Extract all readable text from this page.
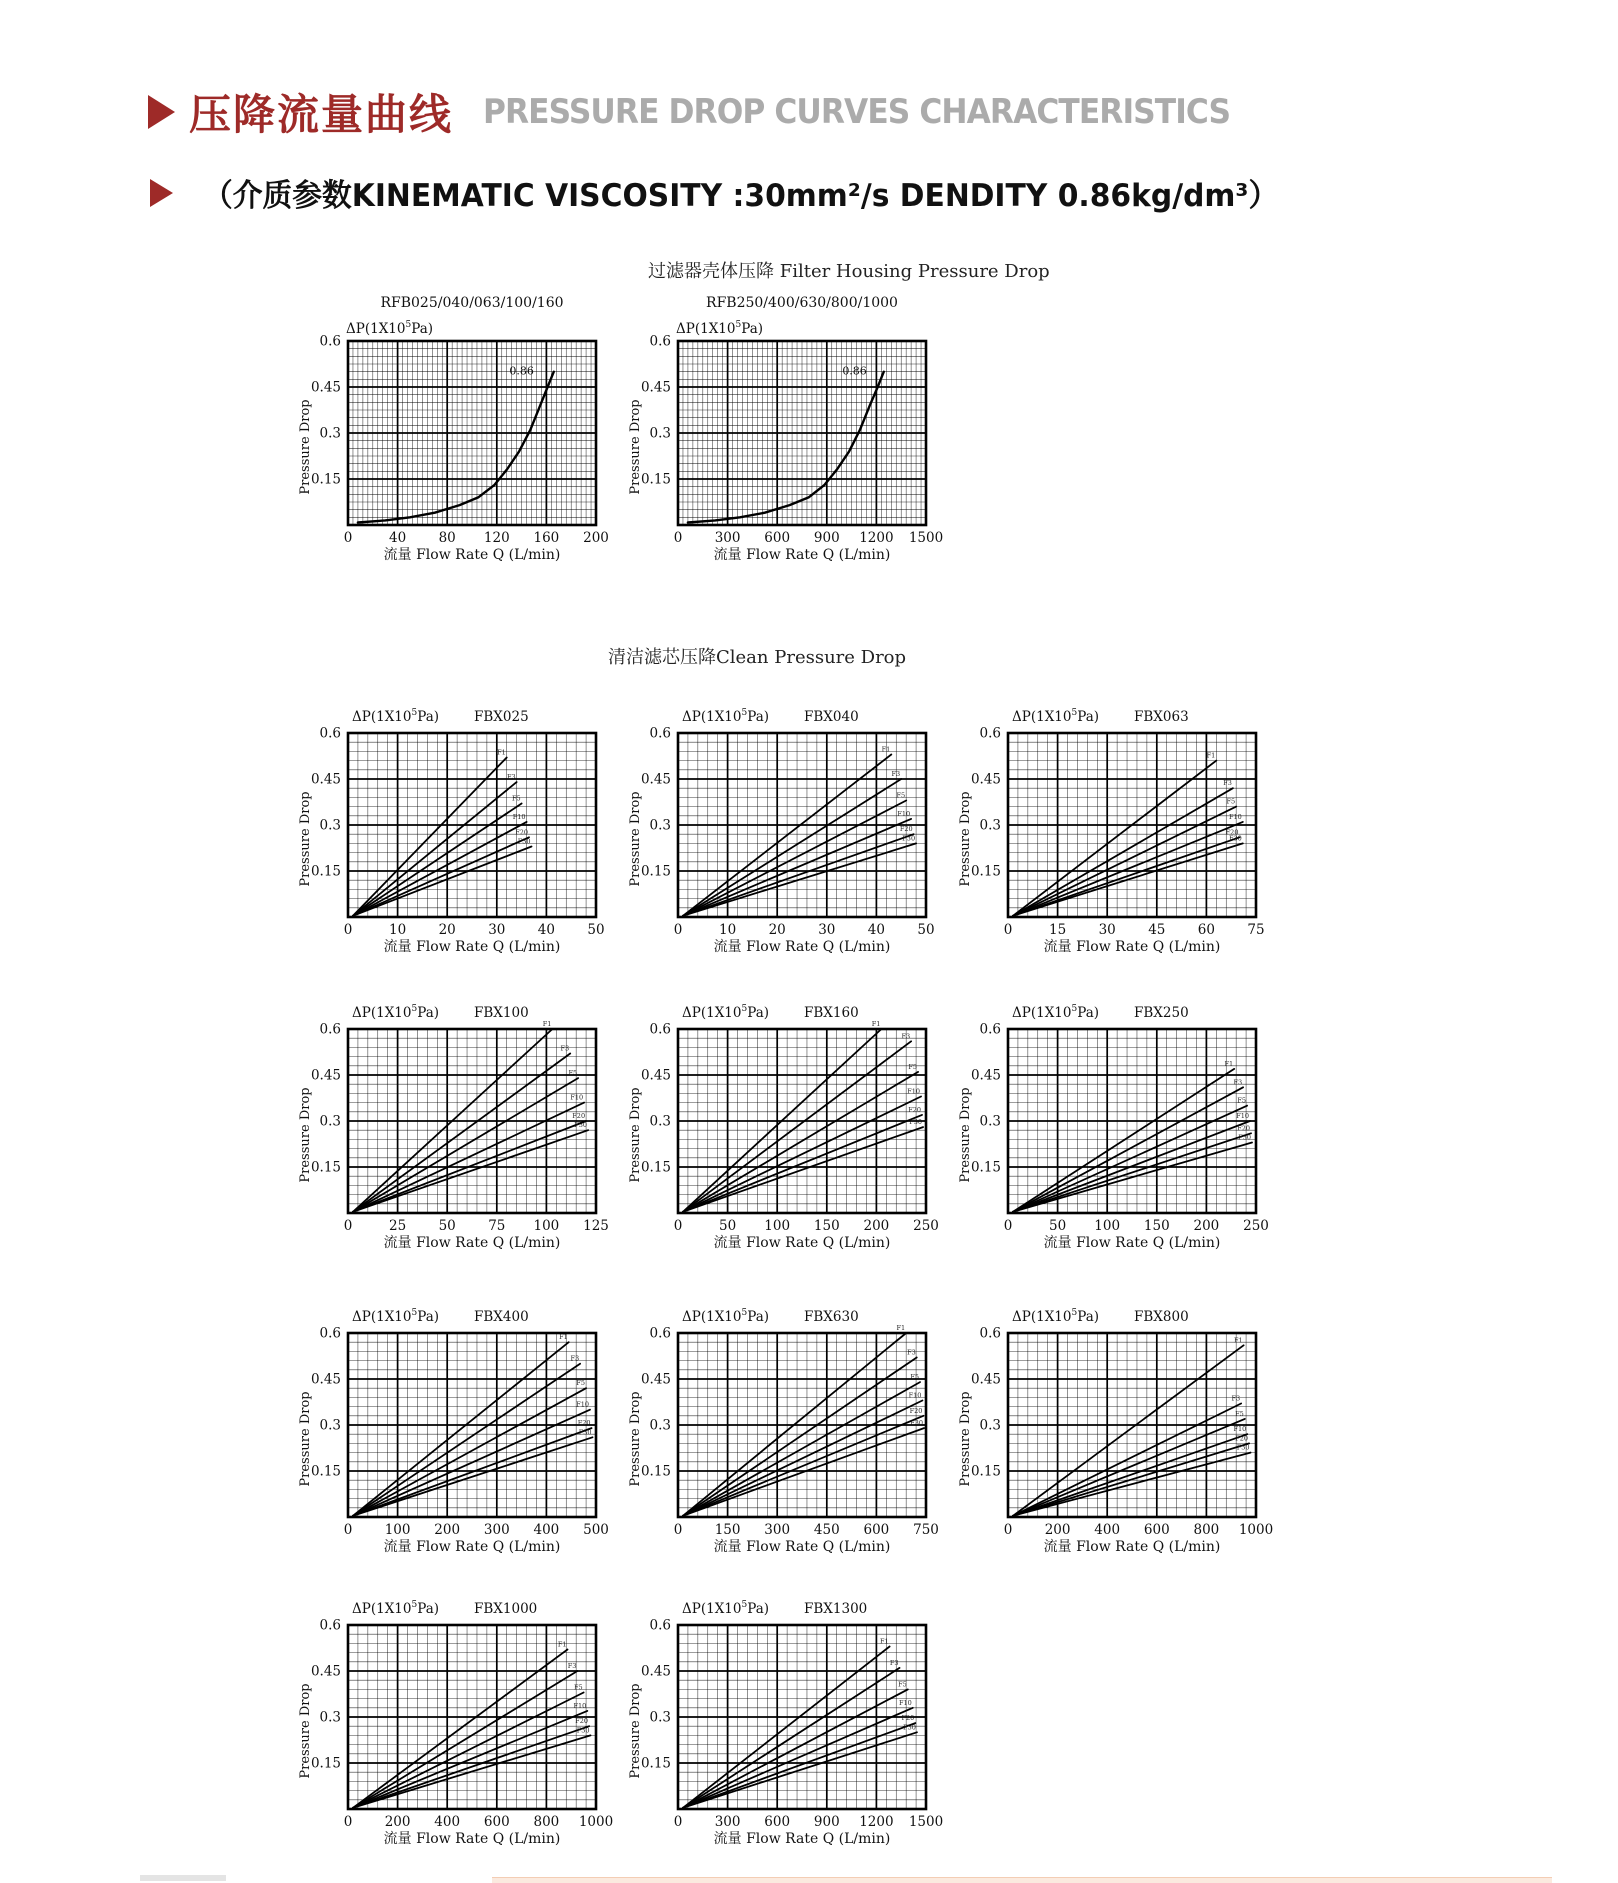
压降流量曲线 PRESSURE DROP CURVES CHARACTERISTICS
（介质参数KINEMATIC VISCOSITY :30mm²/s DENDITY 0.86kg/dm³）
过滤器壳体压降 Filter Housing Pressure Drop
0.86
RFB025/040/063/100/160
$\Delta P(1X10^5Pa)$
0.15
0.3
0.45
0.6
0	40 80 120 160 200
流量 Flow Rate Q (L/min)
Pressure Drop
0.86
RFB250/400/630/800/1000
$\Delta P(1X10^5Pa)$
0.15
0.3
0.45
0.6
0 300 600 900 1200 1500
流量 Flow Rate Q (L/min)
Pressure Drop
清洁滤芯压降Clean Pressure Drop
F1
F3
F5
F10
F20
F30
$\Delta P(1X10^5Pa)$	FBX025
0.15
0.3
0.45
0.6
0	10 20 30 40 50
流量 Flow Rate Q (L/min)
Pressure Drop
F1
F3
F5
F10
F20
F30
$\Delta P(1X10^5Pa)$	FBX040
0.15
0.3
0.45
0.6
0	10 20 30 40 50
流量 Flow Rate Q (L/min)
Pressure Drop
F1
F3
F5
F10
F20
F30
$\Delta P(1X10^5Pa)$	FBX063
0.15
0.3
0.45
0.6
0	15 30 45 60 75
流量 Flow Rate Q (L/min)
Pressure Drop
F1
F3
F5
F10
F20
F30
$\Delta P(1X10^5Pa)$	FBX100
0.15
0.3
0.45
0.6
0	25 50 75 100 125
流量 Flow Rate Q (L/min)
Pressure Drop
F1
F3
F5
F10
F20
F30
$\Delta P(1X10^5Pa)$	FBX160
0.15
0.3
0.45
0.6
0	50 100 150 200 250
流量 Flow Rate Q (L/min)
Pressure Drop
F1
F3
F5
F10
F20
F30
$\Delta P(1X10^5Pa)$	FBX250
0.15
0.3
0.45
0.6
0	50 100 150 200 250
流量 Flow Rate Q (L/min)
Pressure Drop
F1
F3
F5
F10
F20
F30
$\Delta P(1X10^5Pa)$	FBX400
0.15
0.3
0.45
0.6
0 100 200 300 400 500
流量 Flow Rate Q (L/min)
Pressure Drop
F1
F3
F5
F10
F20
F30
$\Delta P(1X10^5Pa)$	FBX630
0.15
0.3
0.45
0.6
0 150 300 450 600 750
流量 Flow Rate Q (L/min)
Pressure Drop
F1
F3
F5
F10
F20
F30
$\Delta P(1X10^5Pa)$	FBX800
0.15
0.3
0.45
0.6
0 200 400 600 800 1000
流量 Flow Rate Q (L/min)
Pressure Drop
F1
F3
F5
F10
F20
F30
$\Delta P(1X10^5Pa)$	FBX1000
0.15
0.3
0.45
0.6
0 200 400 600 800 1000
流量 Flow Rate Q (L/min)
Pressure Drop
F1
F3
F5
F10
F20
F30
$\Delta P(1X10^5Pa)$	FBX1300
0.15
0.3
0.45
0.6
0 300 600 900 1200 1500
流量 Flow Rate Q (L/min)
Pressure Drop
